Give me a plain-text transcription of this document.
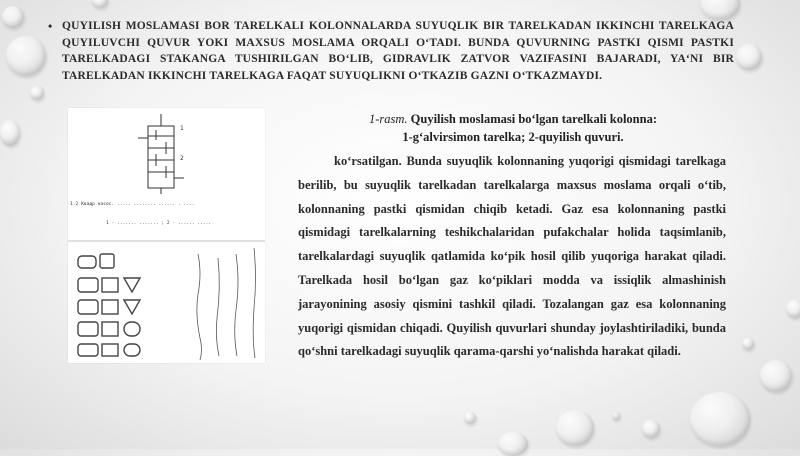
• QUYILISH MOSLAMASI BOR TARELKALI KOLONNALARDA SUYUQLIK BIR TARELKADAN IKKINCHI TARELKAGA QUYILUVCHI QUVUR YOKI MAXSUS MOSLAMA ORQALI O‘TADI. BUNDA QUVURNING PASTKI QISMI PASTKI TARELKADAGI STAKANGA TUSHIRILGAN BO‘LIB, GIDRAVLIK ZATVOR VAZIFASINI BAJARADI, YA‘NI BIR TARELKADAN IKKINCHI TARELKAGA FAQAT SUYUQLIKNI O‘TKAZIB GAZNI O‘TKAZMAYDI.
1
2
1.2 Квадр насос. ..... ........ ...... . ....
1 - ....... ....... ; 2 - ...... .....
1-rasm. Quyilish moslamasi bo‘lgan tarelkali kolonna:
1-g‘alvirsimon tarelka; 2-quyilish quvuri.
ko‘rsatilgan. Bunda suyuqlik kolonnaning yuqorigi qismidagi tarelkaga berilib, bu suyuqlik tarelkadan tarelkalarga maxsus moslama orqali o‘tib, kolonnaning pastki qismidan chiqib ketadi. Gaz esa kolonnaning pastki qismidagi tarelkalarning teshikchalaridan pufakchalar holida taqsimlanib, tarelkalardagi suyuqlik qatlamida ko‘pik hosil qilib yuqoriga harakat qiladi. Tarelkada hosil bo‘lgan gaz ko‘piklari modda va issiqlik almashinish jarayonining asosiy qismini tashkil qiladi. Tozalangan gaz esa kolonnaning yuqorigi qismidan chiqadi. Quyilish quvurlari shunday joylashtiriladiki, bunda qo‘shni tarelkadagi suyuqlik qarama-qarshi yo‘nalishda harakat qiladi.
